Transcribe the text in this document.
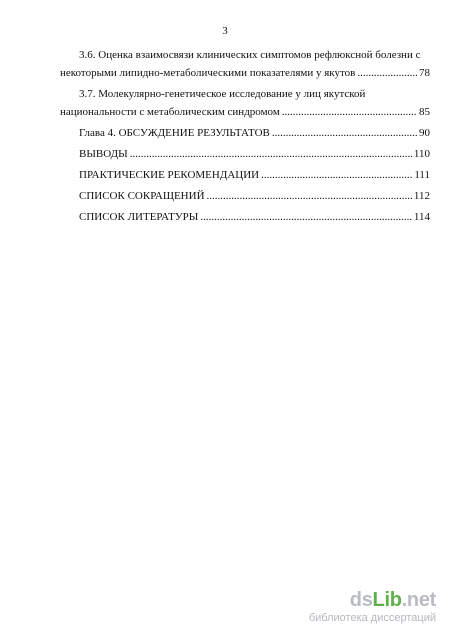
3
3.6. Оценка взаимосвязи клинических симптомов рефлюксной болезни с
некоторыми липидно-метаболическими показателями у якутов .....	78
3.7. Молекулярно-генетическое исследование у лиц якутской
национальности с метаболическим синдромом .....	85
Глава 4. ОБСУЖДЕНИЕ РЕЗУЛЬТАТОВ .....	90
ВЫВОДЫ .....	110
ПРАКТИЧЕСКИЕ РЕКОМЕНДАЦИИ .....	111
СПИСОК СОКРАЩЕНИЙ .....	112
СПИСОК ЛИТЕРАТУРЫ .....	114
dsLib.net
библиотека диссертаций
